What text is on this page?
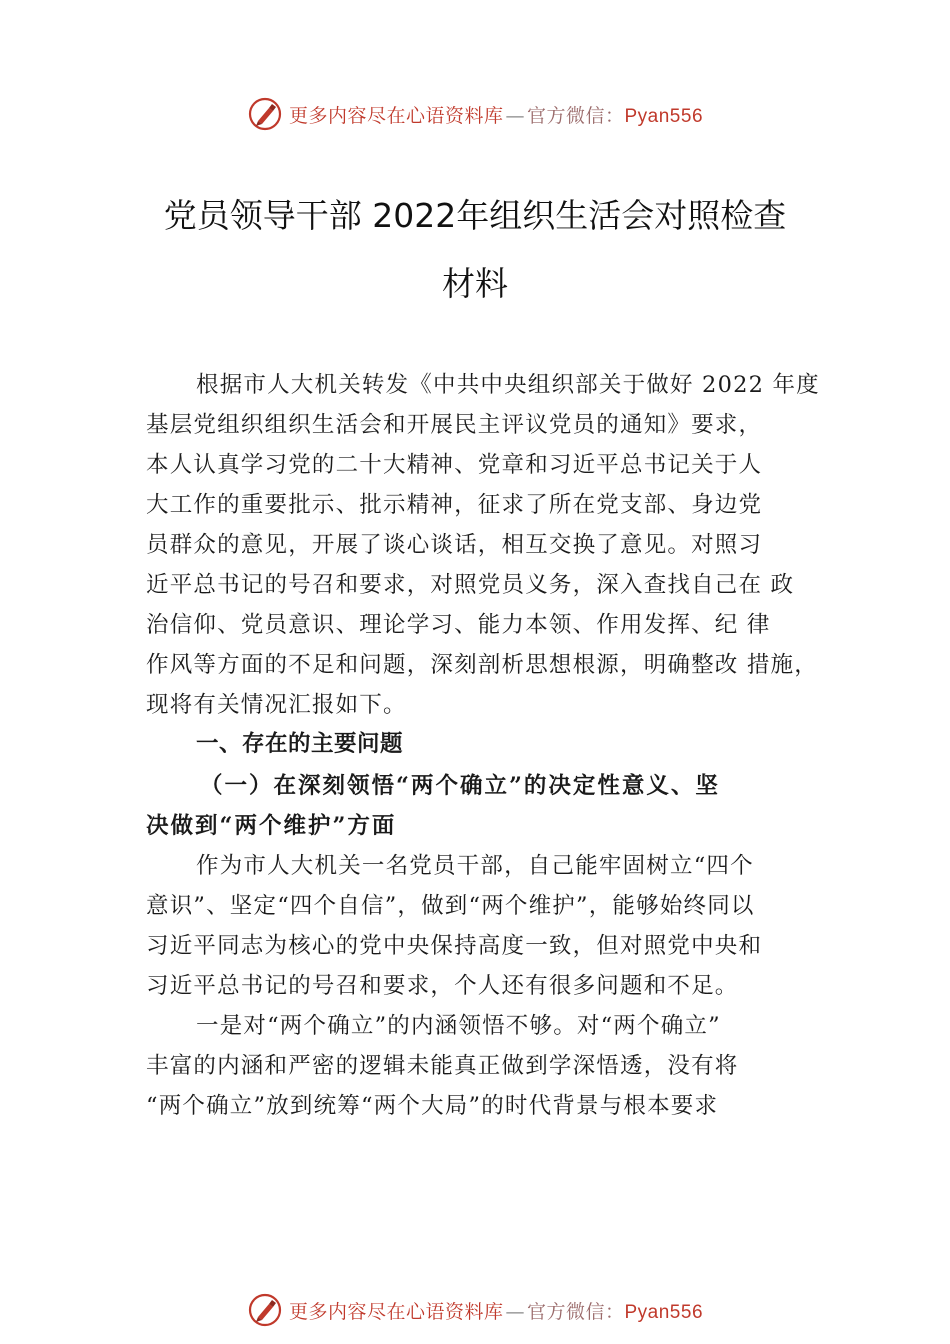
更多内容尽在心语资料库 — 官方微信：Pyan556
党员领导干部 2022年组织生活会对照检查
材料
根据市人大机关转发《中共中央组织部关于做好 2022 年度
基层党组织组织生活会和开展民主评议党员的通知》要求，
本人认真学习党的二十大精神、党章和习近平总书记关于人
大工作的重要批示、批示精神，征求了所在党支部、身边党
员群众的意见，开展了谈心谈话，相互交换了意见。对照习
近平总书记的号召和要求，对照党员义务，深入查找自己在 政
治信仰、党员意识、理论学习、能力本领、作用发挥、纪 律
作风等方面的不足和问题，深刻剖析思想根源，明确整改 措施，
现将有关情况汇报如下。
一、存在的主要问题
（一）在深刻领悟“两个确立”的决定性意义、坚
决做到“两个维护”方面
作为市人大机关一名党员干部，自己能牢固树立“四个
意识”、坚定“四个自信”，做到“两个维护”，能够始终同以
习近平同志为核心的党中央保持高度一致，但对照党中央和
习近平总书记的号召和要求，个人还有很多问题和不足。
一是对“两个确立”的内涵领悟不够。对“两个确立”
丰富的内涵和严密的逻辑未能真正做到学深悟透，没有将
“两个确立”放到统筹“两个大局”的时代背景与根本要求
更多内容尽在心语资料库 — 官方微信：Pyan556
